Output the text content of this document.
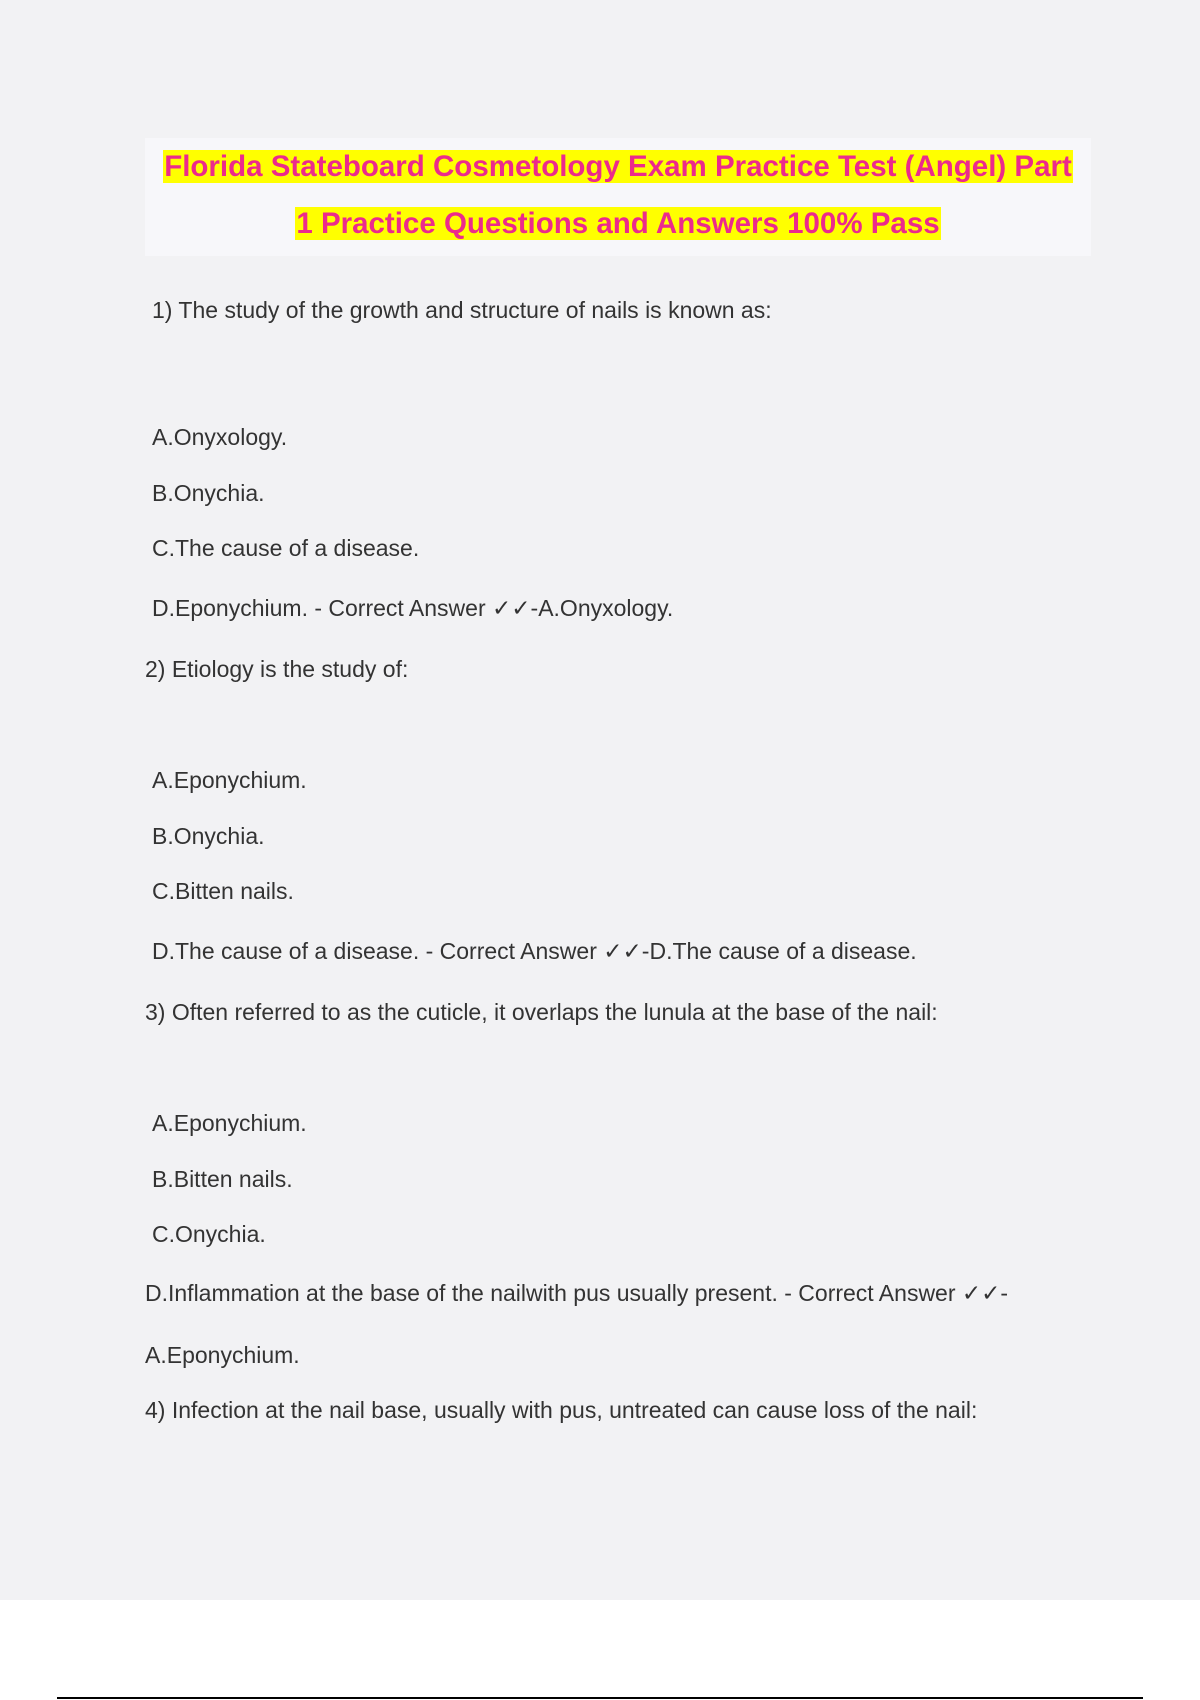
Florida Stateboard Cosmetology Exam Practice Test (Angel) Part
1 Practice Questions and Answers 100% Pass
1) The study of the growth and structure of nails is known as:
A.Onyxology.
B.Onychia.
C.The cause of a disease.
D.Eponychium. - Correct Answer ✓✓-A.Onyxology.
2) Etiology is the study of:
A.Eponychium.
B.Onychia.
C.Bitten nails.
D.The cause of a disease. - Correct Answer ✓✓-D.The cause of a disease.
3) Often referred to as the cuticle, it overlaps the lunula at the base of the nail:
A.Eponychium.
B.Bitten nails.
C.Onychia.
D.Inflammation at the base of the nailwith pus usually present. - Correct Answer ✓✓-
A.Eponychium.
4) Infection at the nail base, usually with pus, untreated can cause loss of the nail:
